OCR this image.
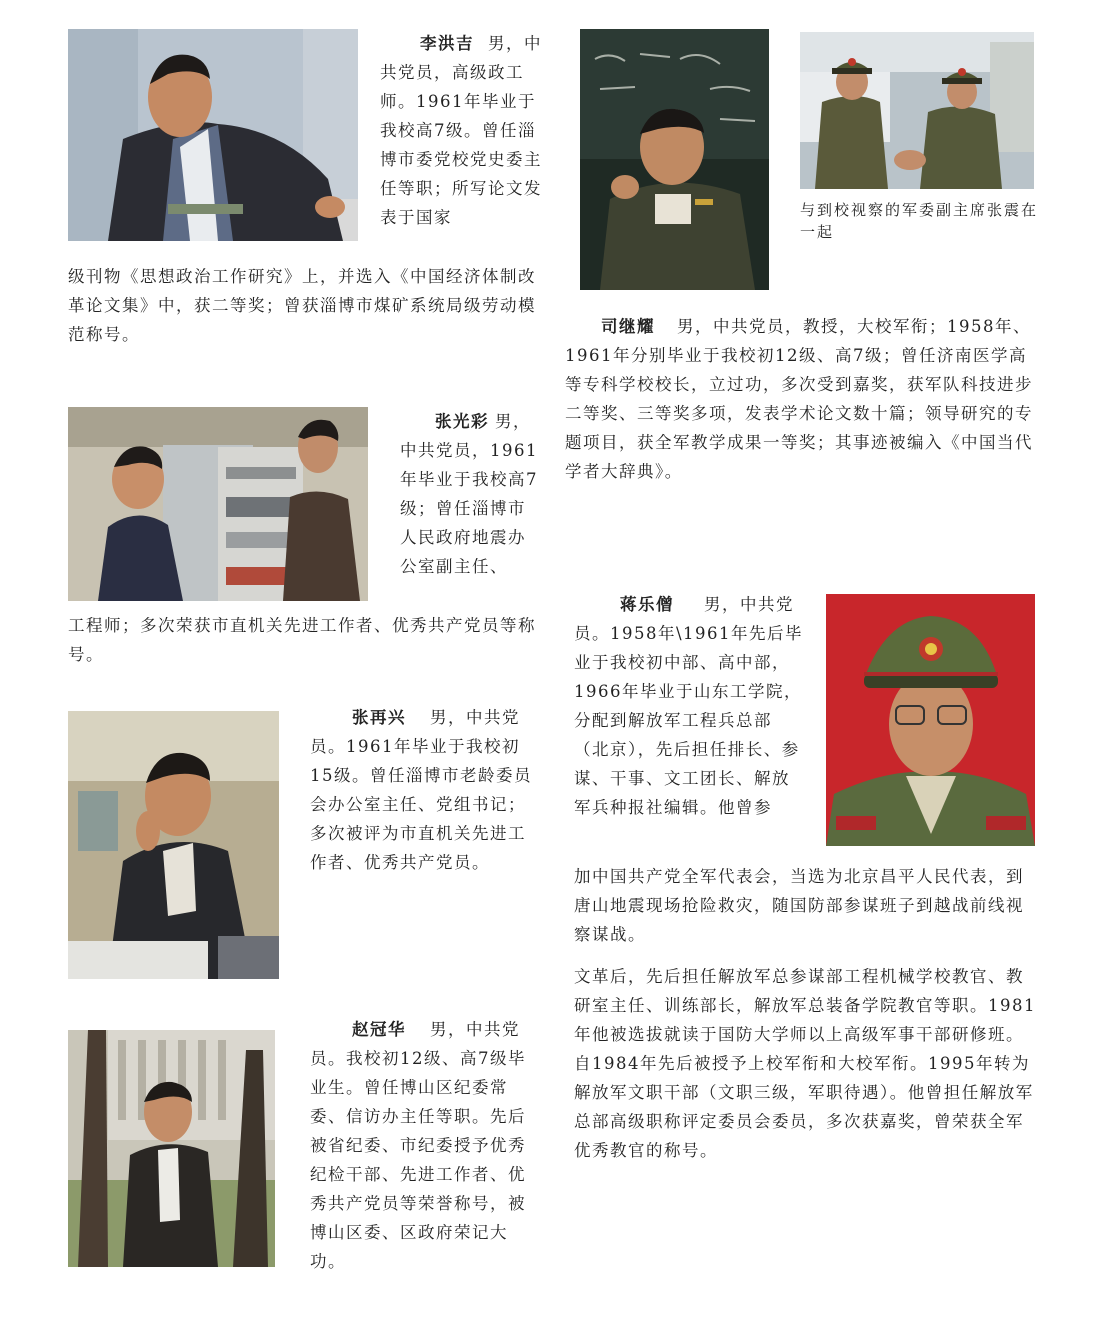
李洪吉 男，中共党员，高级政工师。1961年毕业于我校高7级。曾任淄博市委党校党史委主任等职；所写论文发表于国家
级刊物《思想政治工作研究》上，并选入《中国经济体制改革论文集》中，获二等奖；曾获淄博市煤矿系统局级劳动模范称号。
张光彩 男，中共党员，1961年毕业于我校高7级；曾任淄博市人民政府地震办公室副主任、
工程师；多次荣获市直机关先进工作者、优秀共产党员等称号。
张再兴 男，中共党员。1961年毕业于我校初15级。曾任淄博市老龄委员会办公室主任、党组书记；多次被评为市直机关先进工作者、优秀共产党员。
赵冠华 男，中共党员。我校初12级、高7级毕业生。曾任博山区纪委常委、信访办主任等职。先后被省纪委、市纪委授予优秀纪检干部、先进工作者、优秀共产党员等荣誉称号，被博山区委、区政府荣记大功。
与到校视察的军委副主席张震在一起
司继耀 男，中共党员，教授，大校军衔；1958年、1961年分别毕业于我校初12级、高7级；曾任济南医学高等专科学校校长，立过功，多次受到嘉奖，获军队科技进步二等奖、三等奖多项，发表学术论文数十篇；领导研究的专题项目，获全军教学成果一等奖；其事迹被编入《中国当代学者大辞典》。
蒋乐僧 男，中共党员。1958年\1961年先后毕业于我校初中部、高中部，1966年毕业于山东工学院，分配到解放军工程兵总部（北京），先后担任排长、参谋、干事、文工团长、解放军兵种报社编辑。他曾参
加中国共产党全军代表会，当选为北京昌平人民代表，到唐山地震现场抢险救灾，随国防部参谋班子到越战前线视察谋战。
文革后，先后担任解放军总参谋部工程机械学校教官、教研室主任、训练部长，解放军总装备学院教官等职。1981年他被选拔就读于国防大学师以上高级军事干部研修班。自1984年先后被授予上校军衔和大校军衔。1995年转为解放军文职干部（文职三级，军职待遇）。他曾担任解放军总部高级职称评定委员会委员，多次获嘉奖，曾荣获全军优秀教官的称号。
